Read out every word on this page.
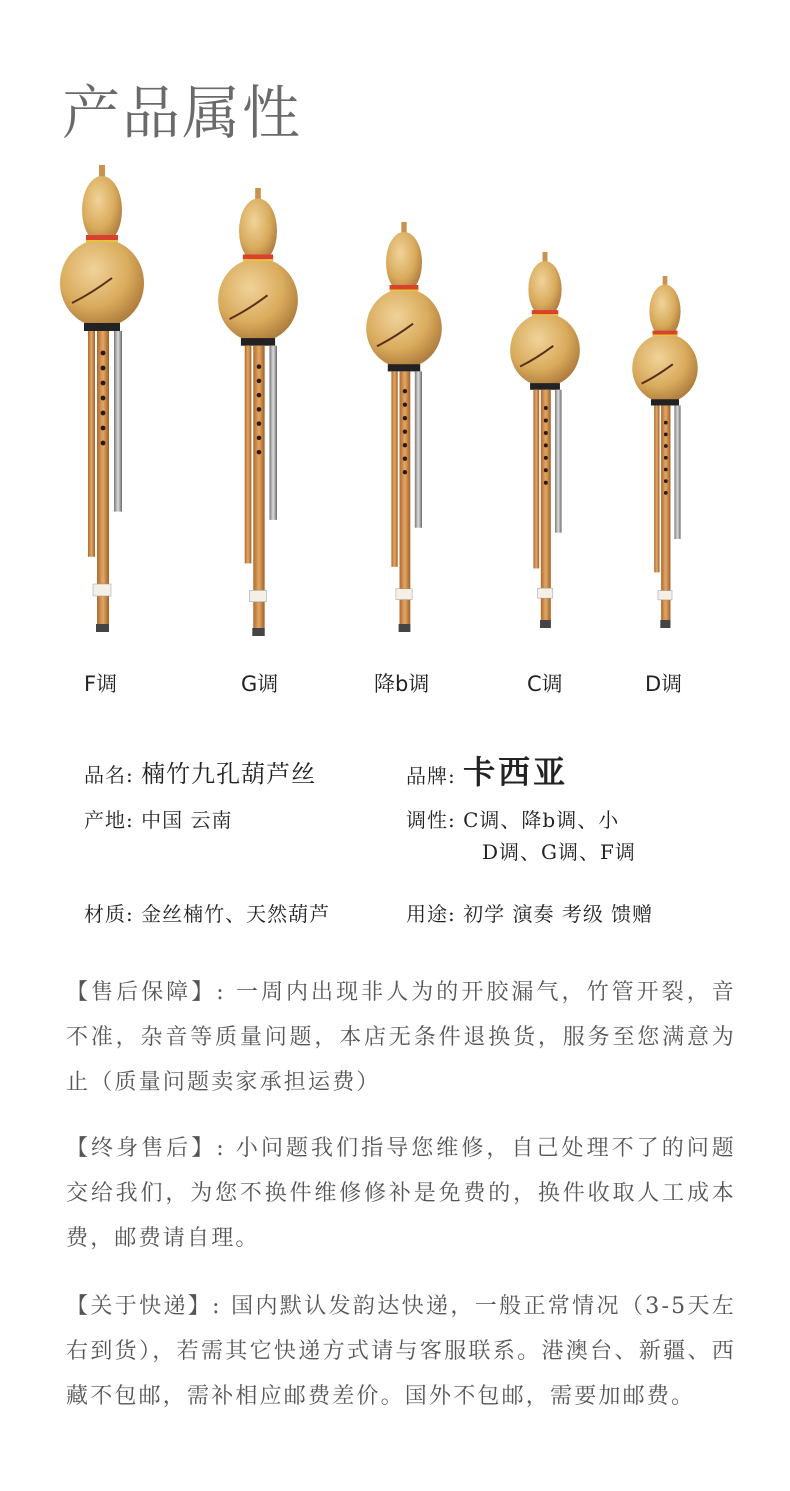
产品属性
F调	G调	降b调	C调	D调
品名: 楠竹九孔葫芦丝	品牌: 卡西亚
产地: 中国 云南	调性: C调、降b调、小
D调、G调、F调
材质: 金丝楠竹、天然葫芦	用途: 初学 演奏 考级 馈赠
【售后保障】: 一周内出现非人为的开胶漏气，竹管开裂，音不准，杂音等质量问题，本店无条件退换货，服务至您满意为止（质量问题卖家承担运费）
【终身售后】: 小问题我们指导您维修，自己处理不了的问题交给我们，为您不换件维修修补是免费的，换件收取人工成本费，邮费请自理。
【关于快递】: 国内默认发韵达快递，一般正常情况（3-5天左右到货），若需其它快递方式请与客服联系。港澳台、新疆、西藏不包邮，需补相应邮费差价。国外不包邮，需要加邮费。
